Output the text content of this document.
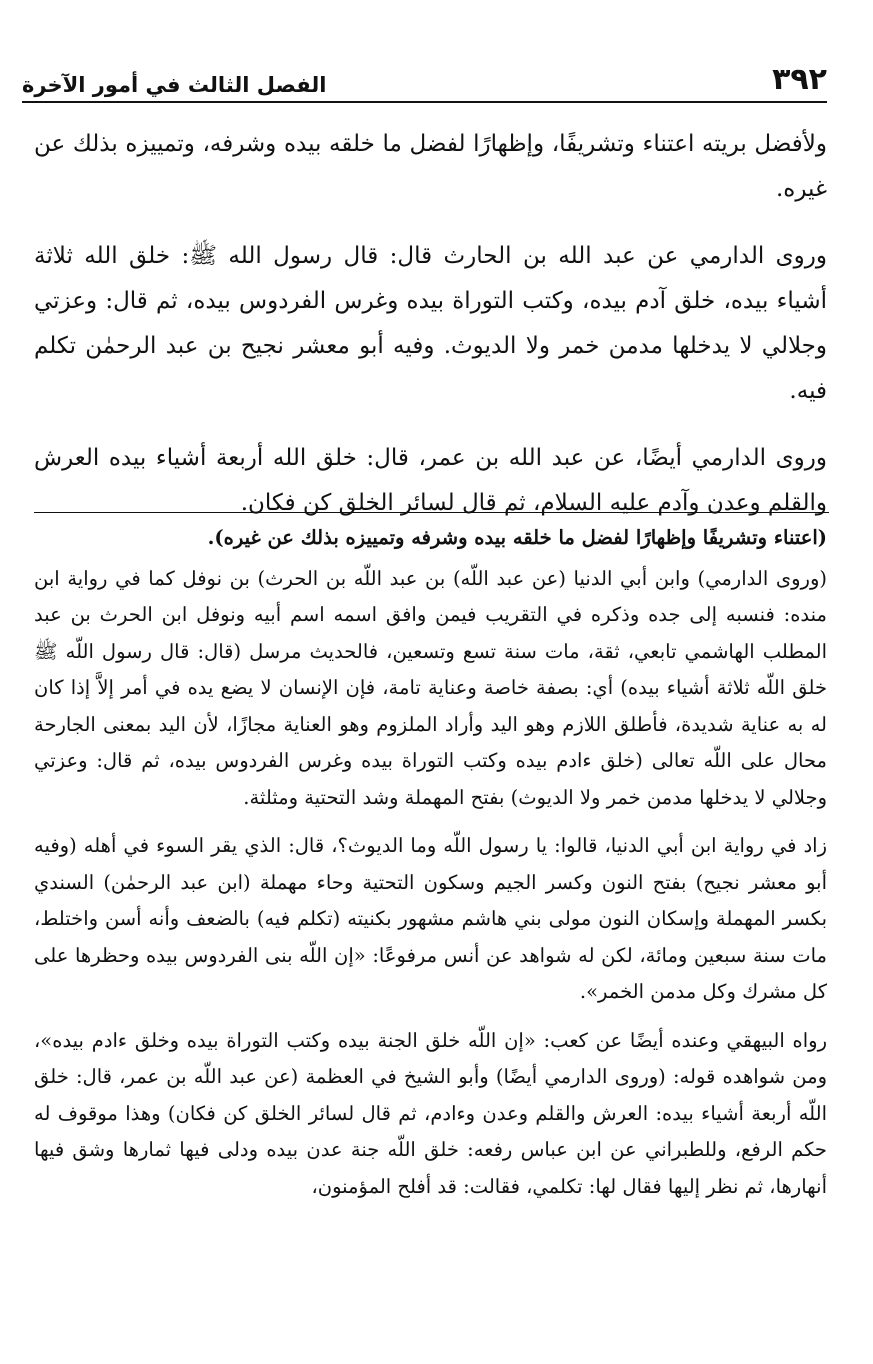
٣٩٢
الفصل الثالث في أمور الآخرة

ولأفضل بريته اعتناء وتشريفًا، وإظهارًا لفضل ما خلقه بيده وشرفه، وتمييزه بذلك عن غيره.

وروى الدارمي عن عبد الله بن الحارث قال: قال رسول الله ﷺ: خلق الله ثلاثة أشياء بيده، خلق آدم بيده، وكتب التوراة بيده وغرس الفردوس بيده، ثم قال: وعزتي وجلالي لا يدخلها مدمن خمر ولا الديوث. وفيه أبو معشر نجيح بن عبد الرحمٰن تكلم فيه.

وروى الدارمي أيضًا، عن عبد الله بن عمر، قال: خلق الله أربعة أشياء بيده العرش والقلم وعدن وآدم عليه السلام، ثم قال لسائر الخلق كن فكان.

(اعتناء وتشريفًا وإظهارًا لفضل ما خلقه بيده وشرفه وتمييزه بذلك عن غيره).

(وروى الدارمي) وابن أبي الدنيا (عن عبد اللّه) بن عبد اللّه بن الحرث) بن نوفل كما في رواية ابن منده: فنسبه إلى جده وذكره في التقريب فيمن وافق اسمه اسم أبيه ونوفل ابن الحرث بن عبد المطلب الهاشمي تابعي، ثقة، مات سنة تسع وتسعين، فالحديث مرسل (قال: قال رسول اللّه ﷺ خلق اللّه ثلاثة أشياء بيده) أي: بصفة خاصة وعناية تامة، فإن الإنسان لا يضع يده في أمر إلاَّ إذا كان له به عناية شديدة، فأطلق اللازم وهو اليد وأراد الملزوم وهو العناية مجازًا، لأن اليد بمعنى الجارحة محال على اللّه تعالى (خلق ءادم بيده وكتب التوراة بيده وغرس الفردوس بيده، ثم قال: وعزتي وجلالي لا يدخلها مدمن خمر ولا الديوث) بفتح المهملة وشد التحتية ومثلثة.

زاد في رواية ابن أبي الدنيا، قالوا: يا رسول اللّه وما الديوث؟، قال: الذي يقر السوء في أهله (وفيه أبو معشر نجيح) بفتح النون وكسر الجيم وسكون التحتية وحاء مهملة (ابن عبد الرحمٰن) السندي بكسر المهملة وإسكان النون مولى بني هاشم مشهور بكنيته (تكلم فيه) بالضعف وأنه أسن واختلط، مات سنة سبعين ومائة، لكن له شواهد عن أنس مرفوعًا: «إن اللّه بنى الفردوس بيده وحظرها على كل مشرك وكل مدمن الخمر».

رواه البيهقي وعنده أيضًا عن كعب: «إن اللّه خلق الجنة بيده وكتب التوراة بيده وخلق ءادم بيده»، ومن شواهده قوله: (وروى الدارمي أيضًا) وأبو الشيخ في العظمة (عن عبد اللّه بن عمر، قال: خلق اللّه أربعة أشياء بيده: العرش والقلم وعدن وءادم، ثم قال لسائر الخلق كن فكان) وهذا موقوف له حكم الرفع، وللطبراني عن ابن عباس رفعه: خلق اللّه جنة عدن بيده ودلى فيها ثمارها وشق فيها أنهارها، ثم نظر إليها فقال لها: تكلمي، فقالت: قد أفلح المؤمنون،
